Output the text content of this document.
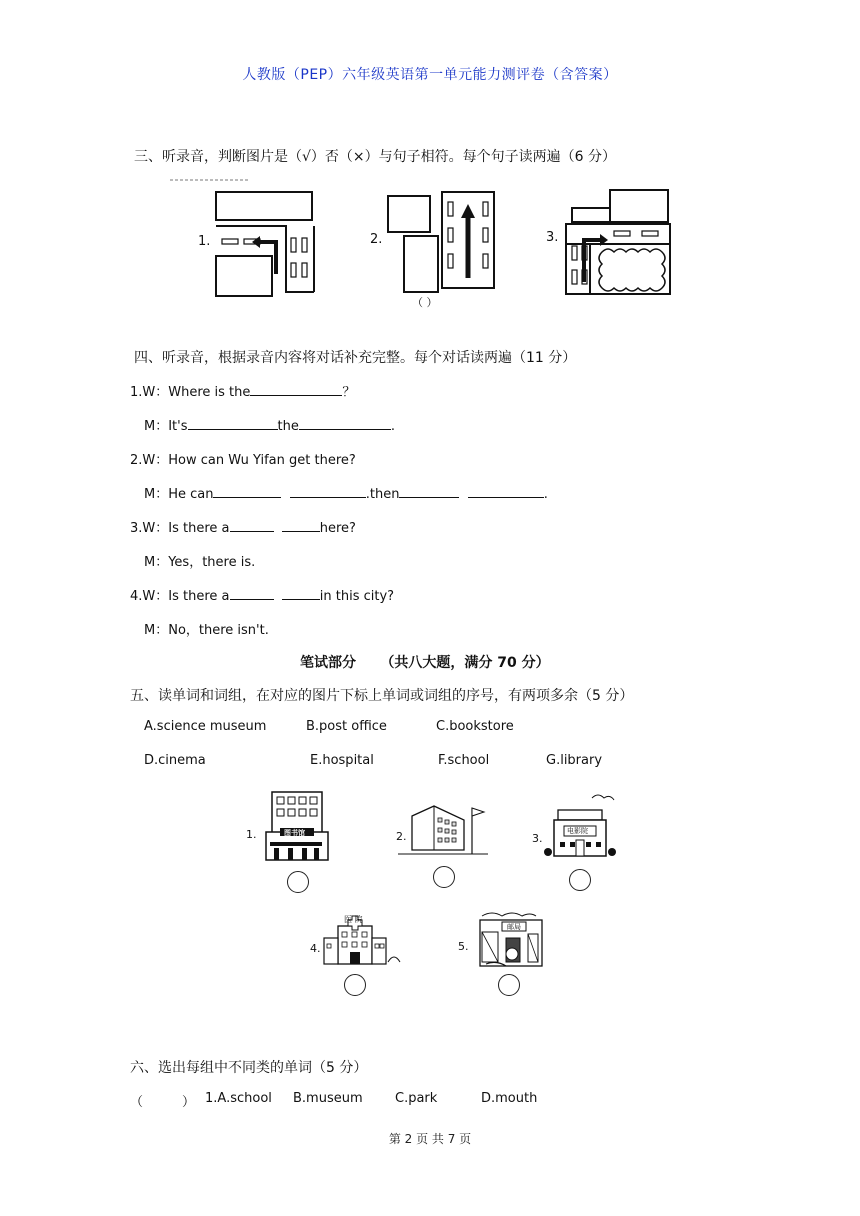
人教版（PEP）六年级英语第一单元能力测评卷（含答案）
三、听录音，判断图片是（√）否（×）与句子相符。每个句子读两遍（6 分）
1.	2.
（ ）
3.
四、听录音，根据录音内容将对话补充完整。每个对话读两遍（11 分）
1.W：Where is the	？
M：It's	the	.
2.W：How can Wu Yifan get there?
M：He can	.then	.
3.W：Is there a	here?
M：Yes，there is.
4.W：Is there a	in this city?
M：No，there isn't.
笔试部分 （共八大题，满分 70 分）
五、读单词和词组，在对应的图片下标上单词或词组的序号，有两项多余（5 分）
A.science museum	B.post office	C.bookstore
D.cinema	E.hospital	F.school	G.library
图书馆
1.	2.	电影院
3.
医 院
4.
邮局
5.
六、选出每组中不同类的单词（5 分）
（　　　） 1.A.school B.museum C.park	D.mouth
第 2 页 共 7 页
